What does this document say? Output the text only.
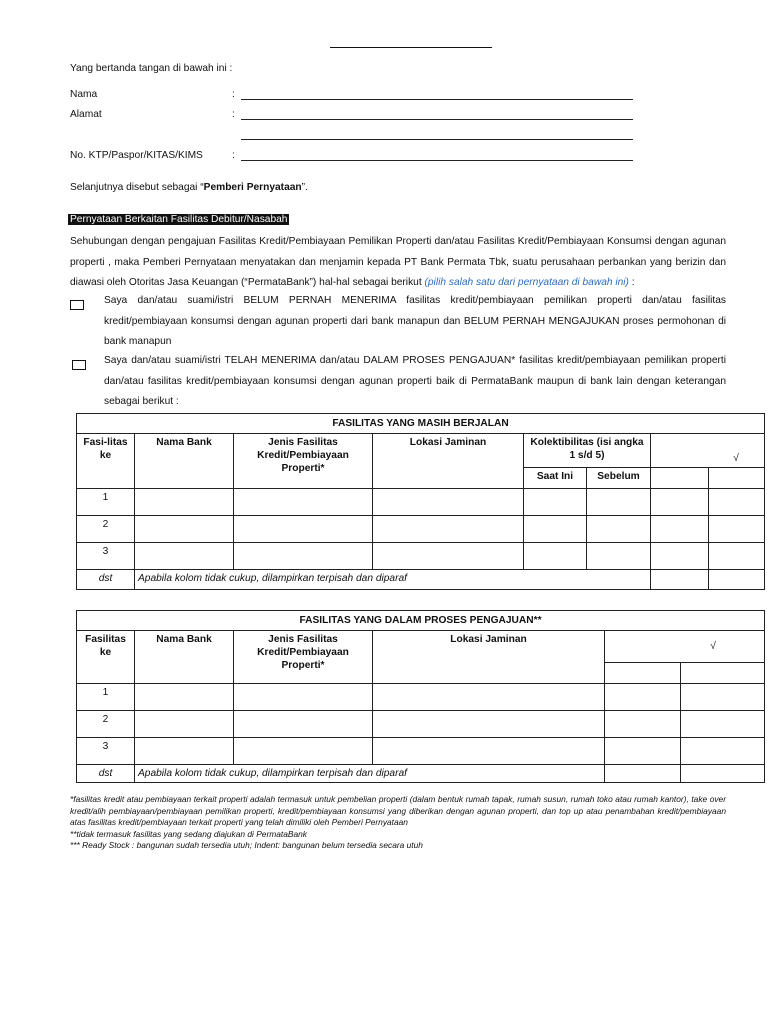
Yang bertanda tangan di bawah ini :
Nama	:
Alamat	:
No. KTP/Paspor/KITAS/KIMS	:
Selanjutnya disebut sebagai “Pemberi Pernyataan”.
Pernyataan Berkaitan Fasilitas Debitur/Nasabah
Sehubungan dengan pengajuan Fasilitas Kredit/Pembiayaan Pemilikan Properti dan/atau Fasilitas Kredit/Pembiayaan Konsumsi dengan agunan properti , maka Pemberi Pernyataan menyatakan dan menjamin kepada PT Bank Permata Tbk, suatu perusahaan perbankan yang berizin dan diawasi oleh Otoritas Jasa Keuangan (“PermataBank”) hal-hal sebagai berikut (pilih salah satu dari pernyataan di bawah ini) :
Saya dan/atau suami/istri BELUM PERNAH MENERIMA fasilitas kredit/pembiayaan pemilikan properti dan/atau fasilitas kredit/pembiayaan konsumsi dengan agunan properti dari bank manapun dan BELUM PERNAH MENGAJUKAN proses permohonan di bank manapun
Saya dan/atau suami/istri TELAH MENERIMA dan/atau DALAM PROSES PENGAJUAN* fasilitas kredit/pembiayaan pemilikan properti dan/atau fasilitas kredit/pembiayaan konsumsi dengan agunan properti baik di PermataBank maupun di bank lain dengan keterangan sebagai berikut :
FASILITAS YANG MASIH BERJALAN							
Fasi-litas ke	Nama Bank	Jenis Fasilitas Kredit/Pembiayaan Properti*	Lokasi Jaminan	Kolektibilitas (isi angka 1 s/d 5)		√	
				Saat Ini	Sebelum		
1							
2							
3							
dst	Apabila kolom tidak cukup, dilampirkan terpisah dan diparaf						
FASILITAS YANG DALAM PROSES PENGAJUAN**					
Fasilitas ke	Nama Bank	Jenis Fasilitas Kredit/Pembiayaan Properti*	Lokasi Jaminan	√	

1					
2					
3					
dst	Apabila kolom tidak cukup, dilampirkan terpisah dan diparaf				
*fasilitas kredit atau pembiayaan terkait properti adalah termasuk untuk pembelian properti (dalam bentuk rumah tapak, rumah susun, rumah toko atau rumah kantor), take over kredit/alih pembiayaan/pembiayaan pemilikan properti, kredit/pembiayaan konsumsi yang diberikan dengan agunan properti, dan top up atau penambahan kredit/pembiayaan atas fasilitas kredit/pembiayaan terkait properti yang telah dimiliki oleh Pemberi Pernyataan
**tidak termasuk fasilitas yang sedang diajukan di PermataBank
*** Ready Stock : bangunan sudah tersedia utuh; Indent: bangunan belum tersedia secara utuh
